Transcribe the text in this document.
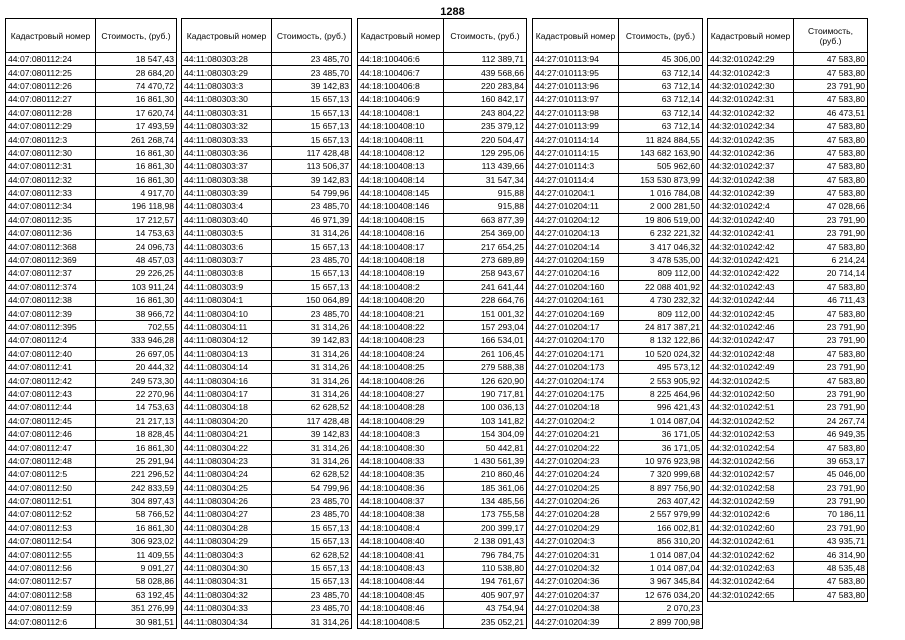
1288
Кадастровый номер	Стоимость, (руб.)
44:07:080112:24	18 547,43
44:07:080112:25	28 684,20
44:07:080112:26	74 470,72
44:07:080112:27	16 861,30
44:07:080112:28	17 620,74
44:07:080112:29	17 493,59
44:07:080112:3	261 268,74
44:07:080112:30	16 861,30
44:07:080112:31	16 861,30
44:07:080112:32	16 861,30
44:07:080112:33	4 917,70
44:07:080112:34	196 118,98
44:07:080112:35	17 212,57
44:07:080112:36	14 753,63
44:07:080112:368	24 096,73
44:07:080112:369	48 457,03
44:07:080112:37	29 226,25
44:07:080112:374	103 911,24
44:07:080112:38	16 861,30
44:07:080112:39	38 966,72
44:07:080112:395	702,55
44:07:080112:4	333 946,28
44:07:080112:40	26 697,05
44:07:080112:41	20 444,32
44:07:080112:42	249 573,30
44:07:080112:43	22 270,96
44:07:080112:44	14 753,63
44:07:080112:45	21 217,13
44:07:080112:46	18 828,45
44:07:080112:47	16 861,30
44:07:080112:48	25 291,94
44:07:080112:5	221 296,52
44:07:080112:50	242 833,59
44:07:080112:51	304 897,43
44:07:080112:52	58 766,52
44:07:080112:53	16 861,30
44:07:080112:54	306 923,02
44:07:080112:55	11 409,55
44:07:080112:56	9 091,27
44:07:080112:57	58 028,86
44:07:080112:58	63 192,45
44:07:080112:59	351 276,99
44:07:080112:6	30 981,51
Кадастровый номер	Стоимость, (руб.)
44:11:080303:28	23 485,70
44:11:080303:29	23 485,70
44:11:080303:3	39 142,83
44:11:080303:30	15 657,13
44:11:080303:31	15 657,13
44:11:080303:32	15 657,13
44:11:080303:33	15 657,13
44:11:080303:36	117 428,48
44:11:080303:37	113 506,37
44:11:080303:38	39 142,83
44:11:080303:39	54 799,96
44:11:080303:4	23 485,70
44:11:080303:40	46 971,39
44:11:080303:5	31 314,26
44:11:080303:6	15 657,13
44:11:080303:7	23 485,70
44:11:080303:8	15 657,13
44:11:080303:9	15 657,13
44:11:080304:1	150 064,89
44:11:080304:10	23 485,70
44:11:080304:11	31 314,26
44:11:080304:12	39 142,83
44:11:080304:13	31 314,26
44:11:080304:14	31 314,26
44:11:080304:16	31 314,26
44:11:080304:17	31 314,26
44:11:080304:18	62 628,52
44:11:080304:20	117 428,48
44:11:080304:21	39 142,83
44:11:080304:22	31 314,26
44:11:080304:23	31 314,26
44:11:080304:24	62 628,52
44:11:080304:25	54 799,96
44:11:080304:26	23 485,70
44:11:080304:27	23 485,70
44:11:080304:28	15 657,13
44:11:080304:29	15 657,13
44:11:080304:3	62 628,52
44:11:080304:30	15 657,13
44:11:080304:31	15 657,13
44:11:080304:32	23 485,70
44:11:080304:33	23 485,70
44:11:080304:34	31 314,26
Кадастровый номер	Стоимость, (руб.)
44:18:100406:6	112 389,71
44:18:100406:7	439 568,66
44:18:100406:8	220 283,84
44:18:100406:9	160 842,17
44:18:100408:1	243 804,22
44:18:100408:10	235 379,12
44:18:100408:11	220 504,47
44:18:100408:12	129 295,06
44:18:100408:13	113 439,66
44:18:100408:14	31 547,34
44:18:100408:145	915,88
44:18:100408:146	915,88
44:18:100408:15	663 877,39
44:18:100408:16	254 369,00
44:18:100408:17	217 654,25
44:18:100408:18	273 689,89
44:18:100408:19	258 943,67
44:18:100408:2	241 641,44
44:18:100408:20	228 664,76
44:18:100408:21	151 001,32
44:18:100408:22	157 293,04
44:18:100408:23	166 534,01
44:18:100408:24	261 106,45
44:18:100408:25	279 588,38
44:18:100408:26	126 620,90
44:18:100408:27	190 717,81
44:18:100408:28	100 036,13
44:18:100408:29	103 141,82
44:18:100408:3	154 304,09
44:18:100408:30	50 442,81
44:18:100408:33	1 430 561,39
44:18:100408:35	210 860,46
44:18:100408:36	185 361,06
44:18:100408:37	134 485,56
44:18:100408:38	173 755,58
44:18:100408:4	200 399,17
44:18:100408:40	2 138 091,43
44:18:100408:41	796 784,75
44:18:100408:43	110 538,80
44:18:100408:44	194 761,67
44:18:100408:45	405 907,97
44:18:100408:46	43 754,94
44:18:100408:5	235 052,21
Кадастровый номер	Стоимость, (руб.)
44:27:010113:94	45 306,00
44:27:010113:95	63 712,14
44:27:010113:96	63 712,14
44:27:010113:97	63 712,14
44:27:010113:98	63 712,14
44:27:010113:99	63 712,14
44:27:010114:14	11 824 884,55
44:27:010114:15	143 682 163,90
44:27:010114:3	505 962,60
44:27:010114:4	153 530 873,99
44:27:010204:1	1 016 784,08
44:27:010204:11	2 000 281,50
44:27:010204:12	19 806 519,00
44:27:010204:13	6 232 221,32
44:27:010204:14	3 417 046,32
44:27:010204:159	3 478 535,00
44:27:010204:16	809 112,00
44:27:010204:160	22 088 401,92
44:27:010204:161	4 730 232,32
44:27:010204:169	809 112,00
44:27:010204:17	24 817 387,21
44:27:010204:170	8 132 122,86
44:27:010204:171	10 520 024,32
44:27:010204:173	495 573,12
44:27:010204:174	2 553 905,92
44:27:010204:175	8 225 464,96
44:27:010204:18	996 421,43
44:27:010204:2	1 014 087,04
44:27:010204:21	36 171,05
44:27:010204:22	36 171,05
44:27:010204:23	10 976 923,98
44:27:010204:24	7 320 999,68
44:27:010204:25	8 897 756,90
44:27:010204:26	263 407,42
44:27:010204:28	2 557 979,99
44:27:010204:29	166 002,81
44:27:010204:3	856 310,20
44:27:010204:31	1 014 087,04
44:27:010204:32	1 014 087,04
44:27:010204:36	3 967 345,84
44:27:010204:37	12 676 034,20
44:27:010204:38	2 070,23
44:27:010204:39	2 899 700,98
Кадастровый номер	Стоимость, (руб.)
44:32:010242:29	47 583,80
44:32:010242:3	47 583,80
44:32:010242:30	23 791,90
44:32:010242:31	47 583,80
44:32:010242:32	46 473,51
44:32:010242:34	47 583,80
44:32:010242:35	47 583,80
44:32:010242:36	47 583,80
44:32:010242:37	47 583,80
44:32:010242:38	47 583,80
44:32:010242:39	47 583,80
44:32:010242:4	47 028,66
44:32:010242:40	23 791,90
44:32:010242:41	23 791,90
44:32:010242:42	47 583,80
44:32:010242:421	6 214,24
44:32:010242:422	20 714,14
44:32:010242:43	47 583,80
44:32:010242:44	46 711,43
44:32:010242:45	47 583,80
44:32:010242:46	23 791,90
44:32:010242:47	23 791,90
44:32:010242:48	47 583,80
44:32:010242:49	23 791,90
44:32:010242:5	47 583,80
44:32:010242:50	23 791,90
44:32:010242:51	23 791,90
44:32:010242:52	24 267,74
44:32:010242:53	46 949,35
44:32:010242:54	47 583,80
44:32:010242:56	39 653,17
44:32:010242:57	45 046,00
44:32:010242:58	23 791,90
44:32:010242:59	23 791,90
44:32:010242:6	70 186,11
44:32:010242:60	23 791,90
44:32:010242:61	43 935,71
44:32:010242:62	46 314,90
44:32:010242:63	48 535,48
44:32:010242:64	47 583,80
44:32:010242:65	47 583,80
